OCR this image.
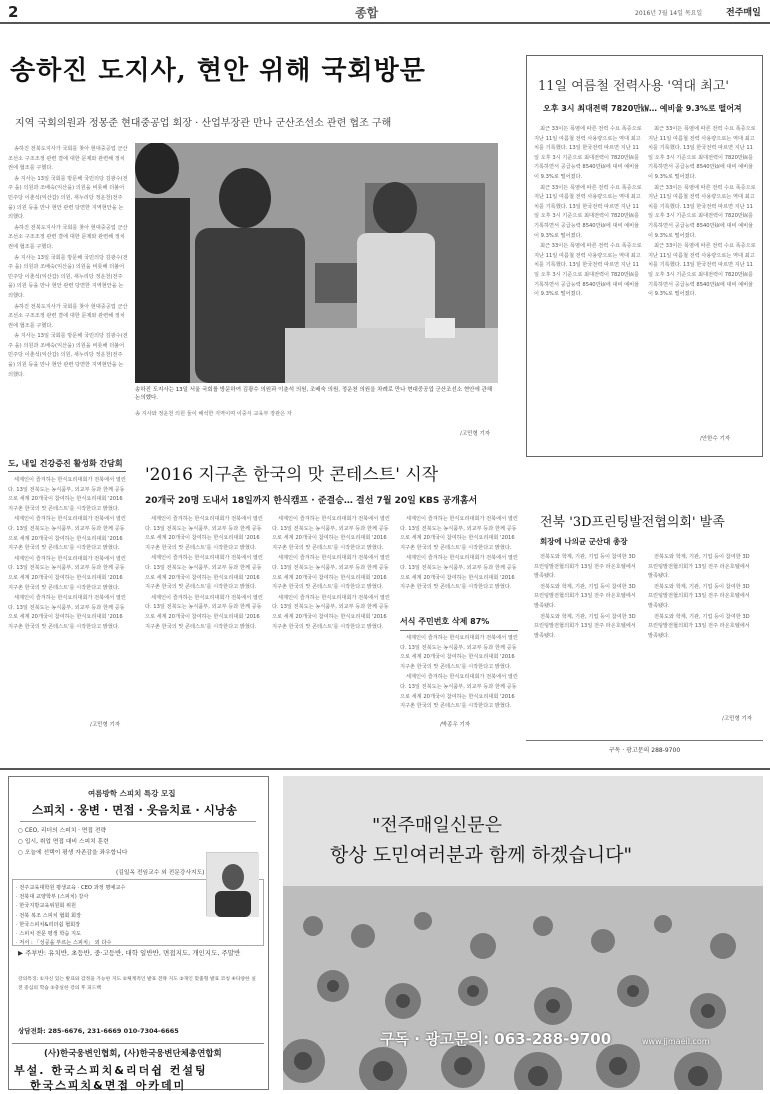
2	종합	2016년 7월 14일 목요일	전주매일
송하진 도지사, 현안 위해 국회방문
지역 국회의원과 정몽준 현대중공업 회장 · 산업부장관 만나 군산조선소 관련 협조 구해

송하진 전북도지사가 국회를 찾아 현대중공업 군산조선소 구조조정 관련 결에 대한 문제와 관련해 정치권에 협조를 구했다.

송 지사는 13일 국회를 방문해 국민의당 김광수(전주 을) 의원과 조배숙(익산을) 의원을 비롯해 더불어민주당 이춘석(익산갑) 의원, 새누리당 정운천(전주을) 의원 등을 만나 현안 관련 당면한 지역현안을 논의했다.

송하진 전북도지사가 국회를 찾아 현대중공업 군산조선소 구조조정 관련 결에 대한 문제와 관련해 정치권에 협조를 구했다.

송 지사는 13일 국회를 방문해 국민의당 김광수(전주 을) 의원과 조배숙(익산을) 의원을 비롯해 더불어민주당 이춘석(익산갑) 의원, 새누리당 정운천(전주을) 의원 등을 만나 현안 관련 당면한 지역현안을 논의했다.

송하진 전북도지사가 국회를 찾아 현대중공업 군산조선소 구조조정 관련 결에 대한 문제와 관련해 정치권에 협조를 구했다.

송 지사는 13일 국회를 방문해 국민의당 김광수(전주 을) 의원과 조배숙(익산을) 의원을 비롯해 더불어민주당 이춘석(익산갑) 의원, 새누리당 정운천(전주을) 의원 등을 만나 현안 관련 당면한 지역현안을 논의했다.

송하진 도지사는 13일 서울 국회를 방문하여 김광수 의원과 이춘석 의원, 조배숙 의원, 정운천 의원을 차례로 만나 현대중공업 군산조선소 현안에 관해 논의했다.
송 지사와 정운천 의원 둘이 해석한 지역이며 이중식 교육부 장관은 자
/고민형 기자
11일 여름철 전력사용 '역대 최고'
오후 3시 최대전력 7820만㎾… 예비율 9.3%로 떨어져

최근 33이든 폭염에 따른 전력 수요 폭증으로 지난 11일 여름철 전력 사용량으로는 역대 최고치를 기록했다. 13일 한국전력 따르면 지난 11일 오후 3시 기준으로 최대전력이 7820만㎾를 기록하면서 공급능력 8540만㎾에 대비 예비율이 9.3%로 떨어졌다.

최근 33이든 폭염에 따른 전력 수요 폭증으로 지난 11일 여름철 전력 사용량으로는 역대 최고치를 기록했다. 13일 한국전력 따르면 지난 11일 오후 3시 기준으로 최대전력이 7820만㎾를 기록하면서 공급능력 8540만㎾에 대비 예비율이 9.3%로 떨어졌다.

최근 33이든 폭염에 따른 전력 수요 폭증으로 지난 11일 여름철 전력 사용량으로는 역대 최고치를 기록했다. 13일 한국전력 따르면 지난 11일 오후 3시 기준으로 최대전력이 7820만㎾를 기록하면서 공급능력 8540만㎾에 대비 예비율이 9.3%로 떨어졌다.

최근 33이든 폭염에 따른 전력 수요 폭증으로 지난 11일 여름철 전력 사용량으로는 역대 최고치를 기록했다. 13일 한국전력 따르면 지난 11일 오후 3시 기준으로 최대전력이 7820만㎾를 기록하면서 공급능력 8540만㎾에 대비 예비율이 9.3%로 떨어졌다.

최근 33이든 폭염에 따른 전력 수요 폭증으로 지난 11일 여름철 전력 사용량으로는 역대 최고치를 기록했다. 13일 한국전력 따르면 지난 11일 오후 3시 기준으로 최대전력이 7820만㎾를 기록하면서 공급능력 8540만㎾에 대비 예비율이 9.3%로 떨어졌다.

최근 33이든 폭염에 따른 전력 수요 폭증으로 지난 11일 여름철 전력 사용량으로는 역대 최고치를 기록했다. 13일 한국전력 따르면 지난 11일 오후 3시 기준으로 최대전력이 7820만㎾를 기록하면서 공급능력 8540만㎾에 대비 예비율이 9.3%로 떨어졌다.

/안한수 기자
도, 내일 건강증진 활성화 간담회

세계인이 즐겨하는 한식요리대회가 전북에서 열린다. 13일 전북도는 농식품부, 외교부 등과 한께 공동으로 세계 20개국이 참여하는 한식요리대회 '2016 지구촌 한국의 맛 콘테스트'를 시작한다고 밝혔다.

세계인이 즐겨하는 한식요리대회가 전북에서 열린다. 13일 전북도는 농식품부, 외교부 등과 한께 공동으로 세계 20개국이 참여하는 한식요리대회 '2016 지구촌 한국의 맛 콘테스트'를 시작한다고 밝혔다.

세계인이 즐겨하는 한식요리대회가 전북에서 열린다. 13일 전북도는 농식품부, 외교부 등과 한께 공동으로 세계 20개국이 참여하는 한식요리대회 '2016 지구촌 한국의 맛 콘테스트'를 시작한다고 밝혔다.

세계인이 즐겨하는 한식요리대회가 전북에서 열린다. 13일 전북도는 농식품부, 외교부 등과 한께 공동으로 세계 20개국이 참여하는 한식요리대회 '2016 지구촌 한국의 맛 콘테스트'를 시작한다고 밝혔다.

/고민형 기자
'2016 지구촌 한국의 맛 콘테스트' 시작
20개국 20명 도내서 18일까지 한식캠프 · 준결승… 결선 7월 20일 KBS 공개홈서

세계인이 즐겨하는 한식요리대회가 전북에서 열린다. 13일 전북도는 농식품부, 외교부 등과 한께 공동으로 세계 20개국이 참여하는 한식요리대회 '2016 지구촌 한국의 맛 콘테스트'를 시작한다고 밝혔다.

세계인이 즐겨하는 한식요리대회가 전북에서 열린다. 13일 전북도는 농식품부, 외교부 등과 한께 공동으로 세계 20개국이 참여하는 한식요리대회 '2016 지구촌 한국의 맛 콘테스트'를 시작한다고 밝혔다.

세계인이 즐겨하는 한식요리대회가 전북에서 열린다. 13일 전북도는 농식품부, 외교부 등과 한께 공동으로 세계 20개국이 참여하는 한식요리대회 '2016 지구촌 한국의 맛 콘테스트'를 시작한다고 밝혔다.

세계인이 즐겨하는 한식요리대회가 전북에서 열린다. 13일 전북도는 농식품부, 외교부 등과 한께 공동으로 세계 20개국이 참여하는 한식요리대회 '2016 지구촌 한국의 맛 콘테스트'를 시작한다고 밝혔다.

세계인이 즐겨하는 한식요리대회가 전북에서 열린다. 13일 전북도는 농식품부, 외교부 등과 한께 공동으로 세계 20개국이 참여하는 한식요리대회 '2016 지구촌 한국의 맛 콘테스트'를 시작한다고 밝혔다.

세계인이 즐겨하는 한식요리대회가 전북에서 열린다. 13일 전북도는 농식품부, 외교부 등과 한께 공동으로 세계 20개국이 참여하는 한식요리대회 '2016 지구촌 한국의 맛 콘테스트'를 시작한다고 밝혔다.

세계인이 즐겨하는 한식요리대회가 전북에서 열린다. 13일 전북도는 농식품부, 외교부 등과 한께 공동으로 세계 20개국이 참여하는 한식요리대회 '2016 지구촌 한국의 맛 콘테스트'를 시작한다고 밝혔다.

세계인이 즐겨하는 한식요리대회가 전북에서 열린다. 13일 전북도는 농식품부, 외교부 등과 한께 공동으로 세계 20개국이 참여하는 한식요리대회 '2016 지구촌 한국의 맛 콘테스트'를 시작한다고 밝혔다.

서식 주민번호 삭제 87%

세계인이 즐겨하는 한식요리대회가 전북에서 열린다. 13일 전북도는 농식품부, 외교부 등과 한께 공동으로 세계 20개국이 참여하는 한식요리대회 '2016 지구촌 한국의 맛 콘테스트'를 시작한다고 밝혔다.

세계인이 즐겨하는 한식요리대회가 전북에서 열린다. 13일 전북도는 농식품부, 외교부 등과 한께 공동으로 세계 20개국이 참여하는 한식요리대회 '2016 지구촌 한국의 맛 콘테스트'를 시작한다고 밝혔다.

/박종우 기자
전북 '3D프린팅발전협의회' 발족
회장에 나의균 군산대 총장

전북도와 학계, 기관, 기업 등이 참여한 3D 프린팅발전협의회가 13일 전주 라온호텔에서 발족됐다.

전북도와 학계, 기관, 기업 등이 참여한 3D 프린팅발전협의회가 13일 전주 라온호텔에서 발족됐다.

전북도와 학계, 기관, 기업 등이 참여한 3D 프린팅발전협의회가 13일 전주 라온호텔에서 발족됐다.

전북도와 학계, 기관, 기업 등이 참여한 3D 프린팅발전협의회가 13일 전주 라온호텔에서 발족됐다.

전북도와 학계, 기관, 기업 등이 참여한 3D 프린팅발전협의회가 13일 전주 라온호텔에서 발족됐다.

전북도와 학계, 기관, 기업 등이 참여한 3D 프린팅발전협의회가 13일 전주 라온호텔에서 발족됐다.

/고민형 기자
구독 · 광고문의 288-9700
여름방학 스피치 특강 모집
스피치 · 웅변 · 면접 · 웃음치료 · 시낭송
○ CEO, 리더의 스피치 · 면접 전략
○ 입시, 취업 면접 대비 스피치 훈련
○ 오늘에 선택이 평생 자존감을 좌우합니다
(김일옥 전임교수 외 전문강사지도)
· 전주교육대학원 평생교육 · CEO 과정 명예교수
· 전북대 교양학부 (스피치) 강사
· 한국지방교육위원회 위원
· 전북 복조 스피치 협회 회장
· 한국스피치&리더쉽 협회장
· 스피치 전문 평생 학습 지도
· 저서 : 「성공을 부르는 스피치」 외 다수
▶ 주부반: 유치반, 초등반, 중·고등반, 대학 일반반, 면접지도, 개인지도, 주말반
강의특징: ①자신 있는 발표와 감정을 가능한 지도 ②체계적인 발표 전략 지도 ③개인 맞춤형 발표 코칭 ④다양한 실전 중심의 학습 ⑤충실한 강의 후 피드백
상담전화: 285-6676, 231-6669 010-7304-6665
(사)한국웅변인협회, (사)한국웅변단체총연합회
부설. 한국스피치&리더쉽 컨설팅
한국스피치&면접 아카데미
"전주매일신문은
항상 도민여러분과 함께 하겠습니다"
구독 · 광고문의: 063-288-9700	www.jjmaeil.com
